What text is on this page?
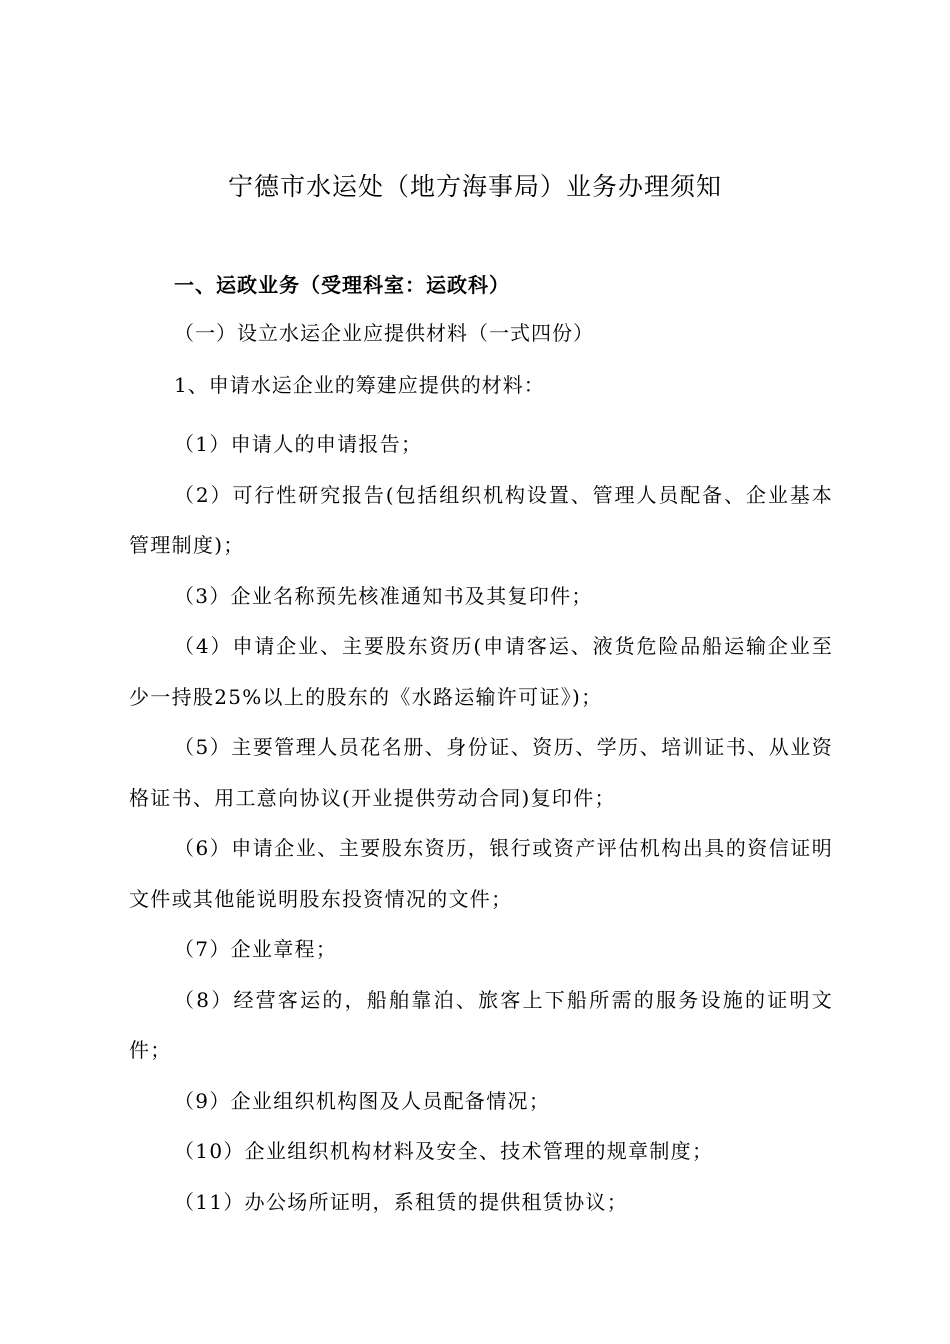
宁德市水运处（地方海事局）业务办理须知
一、运政业务（受理科室：运政科）
（一）设立水运企业应提供材料（一式四份）
1、申请水运企业的筹建应提供的材料：
（1）申请人的申请报告；
（2）可行性研究报告(包括组织机构设置、管理人员配备、企业基本管理制度)；
（3）企业名称预先核准通知书及其复印件；
（4）申请企业、主要股东资历(申请客运、液货危险品船运输企业至少一持股25%以上的股东的《水路运输许可证》)；
（5）主要管理人员花名册、身份证、资历、学历、培训证书、从业资格证书、用工意向协议(开业提供劳动合同)复印件；
（6）申请企业、主要股东资历，银行或资产评估机构出具的资信证明文件或其他能说明股东投资情况的文件；
（7）企业章程；
（8）经营客运的，船舶靠泊、旅客上下船所需的服务设施的证明文件；
（9）企业组织机构图及人员配备情况；
（10）企业组织机构材料及安全、技术管理的规章制度；
（11）办公场所证明，系租赁的提供租赁协议；
